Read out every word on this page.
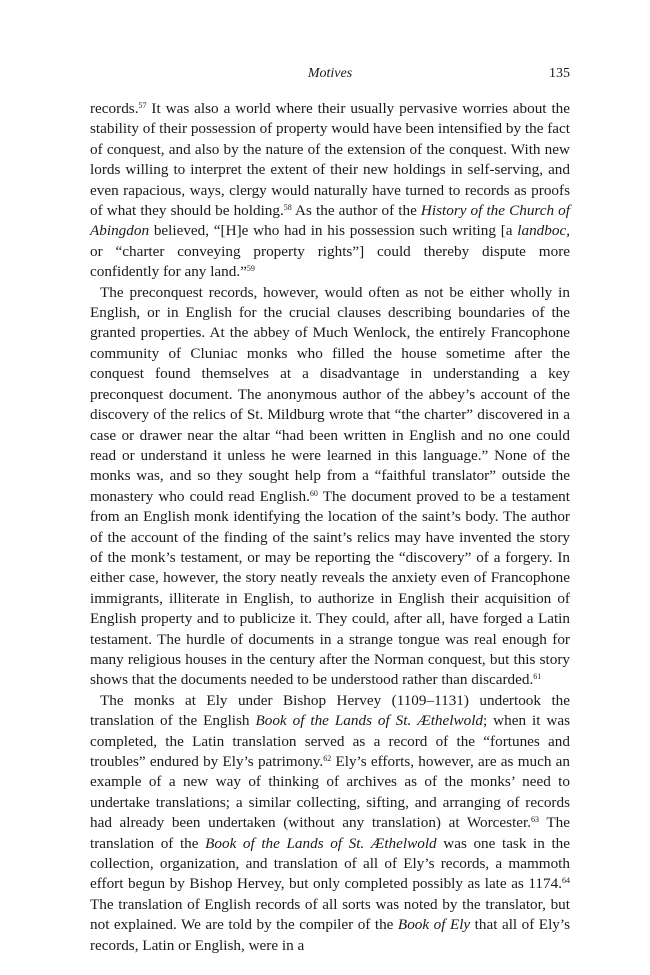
Motives	135

records.$^{57}$ It was also a world where their usually pervasive worries about the stability of their possession of property would have been intensified by the fact of conquest, and also by the nature of the extension of the conquest. With new lords willing to interpret the extent of their new holdings in self-serving, and even rapacious, ways, clergy would naturally have turned to records as proofs of what they should be holding.$^{58}$ As the author of the History of the Church of Abingdon believed, “[H]e who had in his possession such writing [a landboc, or “charter conveying property rights”] could thereby dispute more confidently for any land.”$^{59}$

The preconquest records, however, would often as not be either wholly in English, or in English for the crucial clauses describing boundaries of the granted properties. At the abbey of Much Wenlock, the entirely Francophone community of Cluniac monks who filled the house sometime after the conquest found themselves at a disadvantage in understanding a key preconquest document. The anonymous author of the abbey’s account of the discovery of the relics of St. Mildburg wrote that “the charter” discovered in a case or drawer near the altar “had been written in English and no one could read or understand it unless he were learned in this language.” None of the monks was, and so they sought help from a “faithful translator” outside the monastery who could read English.$^{60}$ The document proved to be a testament from an English monk identifying the location of the saint’s body. The author of the account of the finding of the saint’s relics may have invented the story of the monk’s testament, or may be reporting the “discovery” of a forgery. In either case, however, the story neatly reveals the anxiety even of Francophone immigrants, illiterate in English, to authorize in English their acquisition of English property and to publicize it. They could, after all, have forged a Latin testament. The hurdle of documents in a strange tongue was real enough for many religious houses in the century after the Norman conquest, but this story shows that the documents needed to be understood rather than discarded.$^{61}$

The monks at Ely under Bishop Hervey (1109–1131) undertook the translation of the English Book of the Lands of St. Æthelwold; when it was completed, the Latin translation served as a record of the “fortunes and troubles” endured by Ely’s patrimony.$^{62}$ Ely’s efforts, however, are as much an example of a new way of thinking of archives as of the monks’ need to undertake translations; a similar collecting, sifting, and arranging of records had already been undertaken (without any translation) at Worcester.$^{63}$ The translation of the Book of the Lands of St. Æthelwold was one task in the collection, organization, and translation of all of Ely’s records, a mammoth effort begun by Bishop Hervey, but only completed possibly as late as 1174.64 The translation of English records of all sorts was noted by the translator, but not explained. We are told by the compiler of the Book of Ely that all of Ely’s records, Latin or English, were in a
